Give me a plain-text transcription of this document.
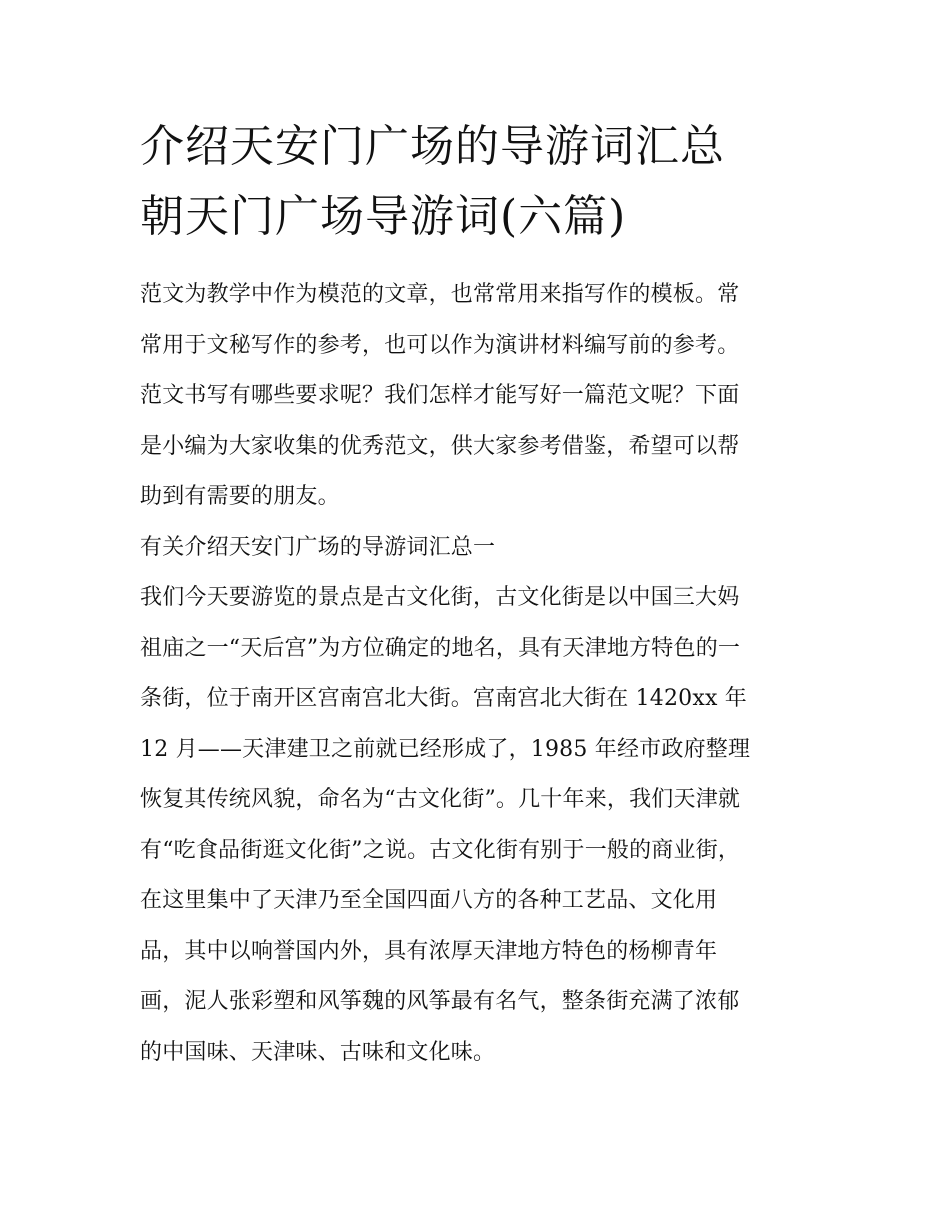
介绍天安门广场的导游词汇总
朝天门广场导游词(六篇)
范文为教学中作为模范的文章，也常常用来指写作的模板。常
常用于文秘写作的参考，也可以作为演讲材料编写前的参考。
范文书写有哪些要求呢？我们怎样才能写好一篇范文呢？下面
是小编为大家收集的优秀范文，供大家参考借鉴，希望可以帮
助到有需要的朋友。
有关介绍天安门广场的导游词汇总一
我们今天要游览的景点是古文化街，古文化街是以中国三大妈
祖庙之一“天后宫”为方位确定的地名，具有天津地方特色的一
条街，位于南开区宫南宫北大街。宫南宫北大街在 1420xx 年
12 月——天津建卫之前就已经形成了，1985 年经市政府整理
恢复其传统风貌，命名为“古文化街”。几十年来，我们天津就
有“吃食品街逛文化街”之说。古文化街有别于一般的商业街，
在这里集中了天津乃至全国四面八方的各种工艺品、文化用
品，其中以响誉国内外，具有浓厚天津地方特色的杨柳青年
画，泥人张彩塑和风筝魏的风筝最有名气，整条街充满了浓郁
的中国味、天津味、古味和文化味。
